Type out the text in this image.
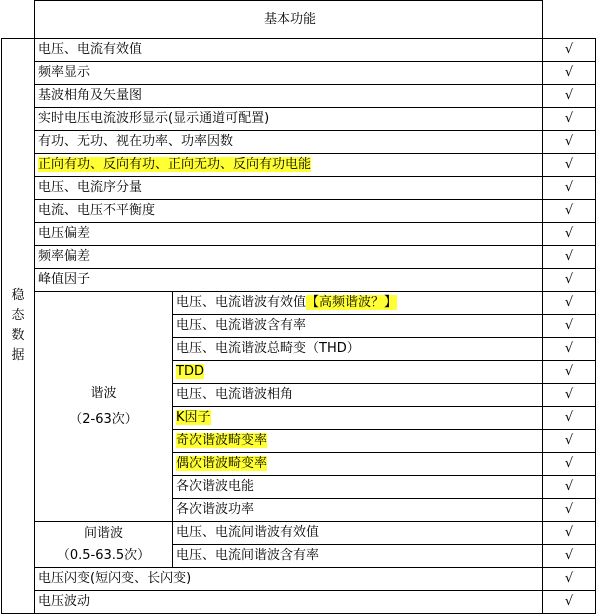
	基本功能		

稳
态
数
据	电压、电流有效值		√
	频率显示		√
	基波相角及矢量图		√
	实时电压电流波形显示(显示通道可配置)		√
	有功、无功、视在功率、功率因数		√
	正向有功、反向有功、正向无功、反向有功电能		√
	电压、电流序分量		√
	电流、电压不平衡度		√
	电压偏差		√
	频率偏差		√
	峰值因子		√

	谐波
（2-63次）	电压、电流谐波有效值【高频谐波？】	√
		电压、电流谐波含有率	√
		电压、电流谐波总畸变（THD）	√
		TDD	√
		电压、电流谐波相角	√
		K因子	√
		奇次谐波畸变率	√
		偶次谐波畸变率	√
		各次谐波电能	√
		各次谐波功率	√

	间谐波
（0.5-63.5次）	电压、电流间谐波有效值	√
		电压、电流间谐波含有率	√
	电压闪变(短闪变、长闪变)		√
	电压波动		√
